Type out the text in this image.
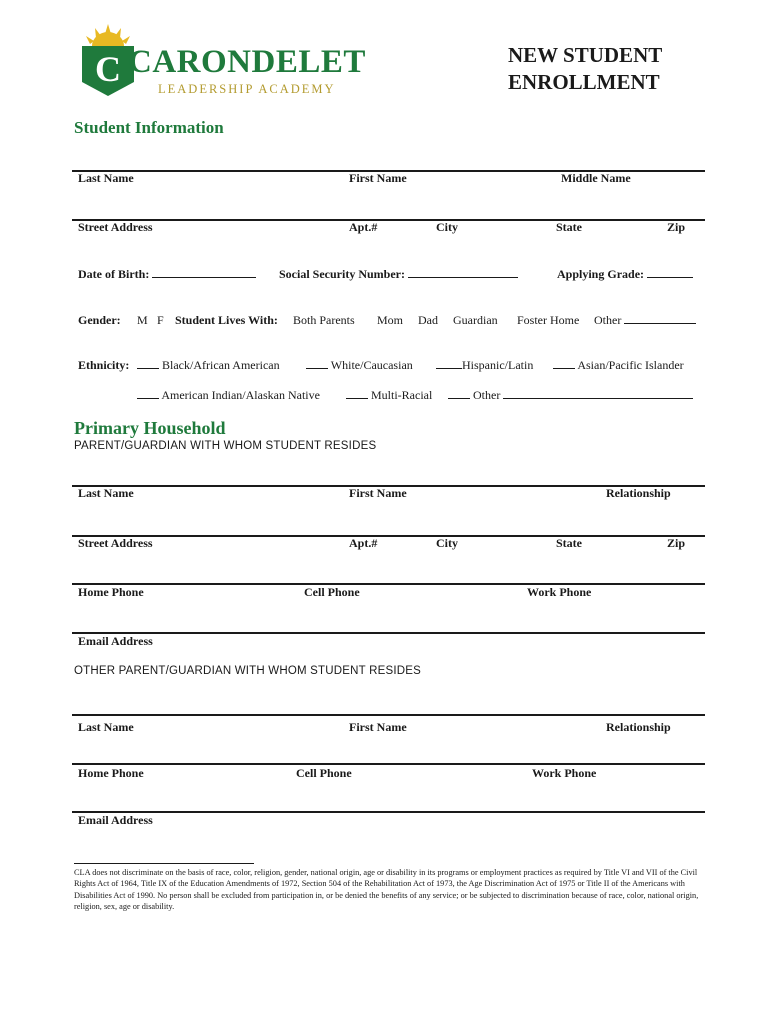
C CARONDELET
LEADERSHIP ACADEMY
NEW STUDENT
ENROLLMENT
Student Information
Last Name	First Name	Middle Name
Street Address	Apt.#	City	State	Zip
Date of Birth:	Social Security Number:	Applying Grade:
Gender: M F Student Lives With: Both Parents Mom Dad Guardian Foster Home Other
Ethnicity:	Black/African American	White/Caucasian	Hispanic/Latin	Asian/Pacific Islander
American Indian/Alaskan Native	Multi-Racial	Other
Primary Household
PARENT/GUARDIAN WITH WHOM STUDENT RESIDES
Last Name	First Name	Relationship
Street Address	Apt.#	City	State	Zip
Home Phone	Cell Phone	Work Phone
Email Address
OTHER PARENT/GUARDIAN WITH WHOM STUDENT RESIDES
Last Name	First Name	Relationship
Home Phone	Cell Phone	Work Phone
Email Address
CLA does not discriminate on the basis of race, color, religion, gender, national origin, age or disability in its programs or employment practices as required by Title VI and VII of the Civil Rights Act of 1964, Title IX of the Education Amendments of 1972, Section 504 of the Rehabilitation Act of 1973, the Age Discrimination Act of 1975 or Title II of the Americans with Disabilities Act of 1990. No person shall be excluded from participation in, or be denied the benefits of any service; or be subjected to discrimination because of race, color, national origin, religion, sex, age or disability.
